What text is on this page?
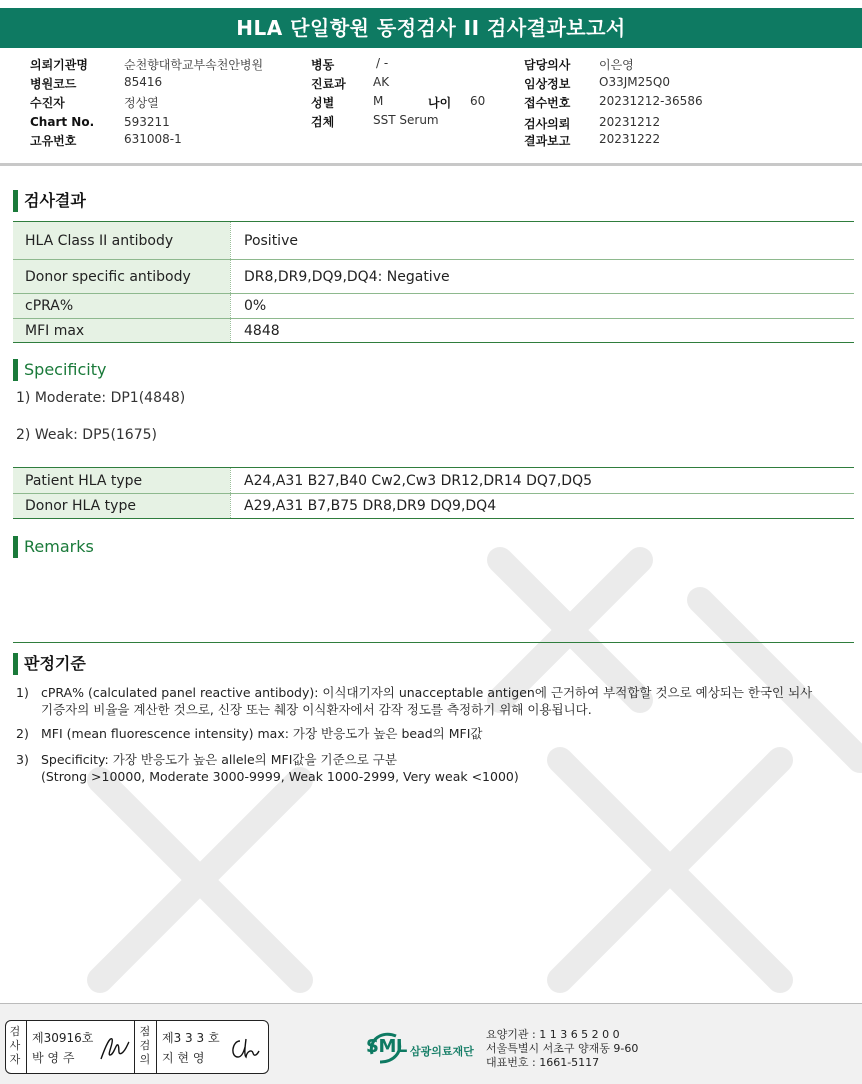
HLA 단일항원 동정검사 II 검사결과보고서
의뢰기관명	순천향대학교부속천안병원
병원코드	85416
수진자	정상열
Chart No. 593211
고유번호	631008-1
병동	/ -
진료과 AK
성별	M	나이 60
검체	SST Serum
담당의사 이은영
임상정보 O33JM25Q0
접수번호 20231212-36586
검사의뢰 20231212
결과보고 20231222
검사결과
HLA Class II antibody	Positive
Donor specific antibody	DR8,DR9,DQ9,DQ4: Negative
cPRA%	0%
MFI max	4848
Specificity
1) Moderate: DP1(4848)
2) Weak: DP5(1675)
Patient HLA type	A24,A31 B27,B40 Cw2,Cw3 DR12,DR14 DQ7,DQ5
Donor HLA type	A29,A31 B7,B75 DR8,DR9 DQ9,DQ4
Remarks
판정기준
1) cPRA% (calculated panel reactive antibody): 이식대기자의 unacceptable antigen에 근거하여 부적합할 것으로 예상되는 한국인 뇌사기증자의 비율을 계산한 것으로, 신장 또는 췌장 이식환자에서 감작 정도를 측정하기 위해 이용됩니다.
2) MFI (mean fluorescence intensity) max: 가장 반응도가 높은 bead의 MFI값
3) Specificity: 가장 반응도가 높은 allele의 MFI값을 기준으로 구분
(Strong >10000, Moderate 3000-9999, Weak 1000-2999, Very weak <1000)
검사자
제30916호
박 영 주
점검의
제3 3 3 호
지 현 영
SML 삼광의료재단
요양기관 : 1 1 3 6 5 2 0 0
서울특별시 서초구 양재동 9-60
대표번호 : 1661-5117
